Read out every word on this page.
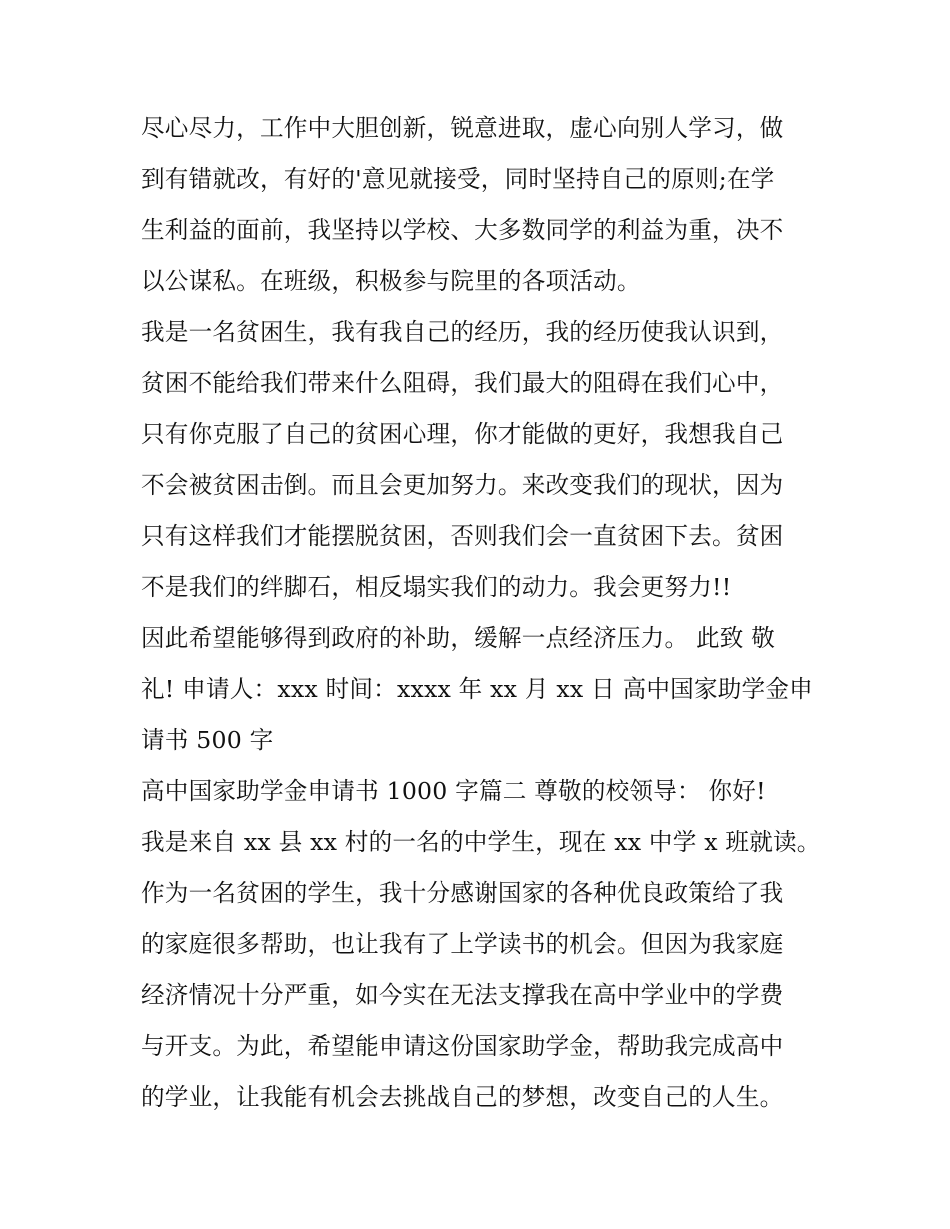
尽心尽力，工作中大胆创新，锐意进取，虚心向别人学习，做
到有错就改，有好的'意见就接受，同时坚持自己的原则;在学
生利益的面前，我坚持以学校、大多数同学的利益为重，决不
以公谋私。在班级，积极参与院里的各项活动。
我是一名贫困生，我有我自己的经历，我的经历使我认识到，
贫困不能给我们带来什么阻碍，我们最大的阻碍在我们心中，
只有你克服了自己的贫困心理，你才能做的更好，我想我自己
不会被贫困击倒。而且会更加努力。来改变我们的现状，因为
只有这样我们才能摆脱贫困，否则我们会一直贫困下去。贫困
不是我们的绊脚石，相反塌实我们的动力。我会更努力!!
因此希望能够得到政府的补助，缓解一点经济压力。 此致 敬
礼! 申请人：xxx 时间：xxxx 年 xx 月 xx 日 高中国家助学金申
请书 500 字
高中国家助学金申请书 1000 字篇二 尊敬的校领导： 你好!
我是来自 xx 县 xx 村的一名的中学生，现在 xx 中学 x 班就读。
作为一名贫困的学生，我十分感谢国家的各种优良政策给了我
的家庭很多帮助，也让我有了上学读书的机会。但因为我家庭
经济情况十分严重，如今实在无法支撑我在高中学业中的学费
与开支。为此，希望能申请这份国家助学金，帮助我完成高中
的学业，让我能有机会去挑战自己的梦想，改变自己的人生。
